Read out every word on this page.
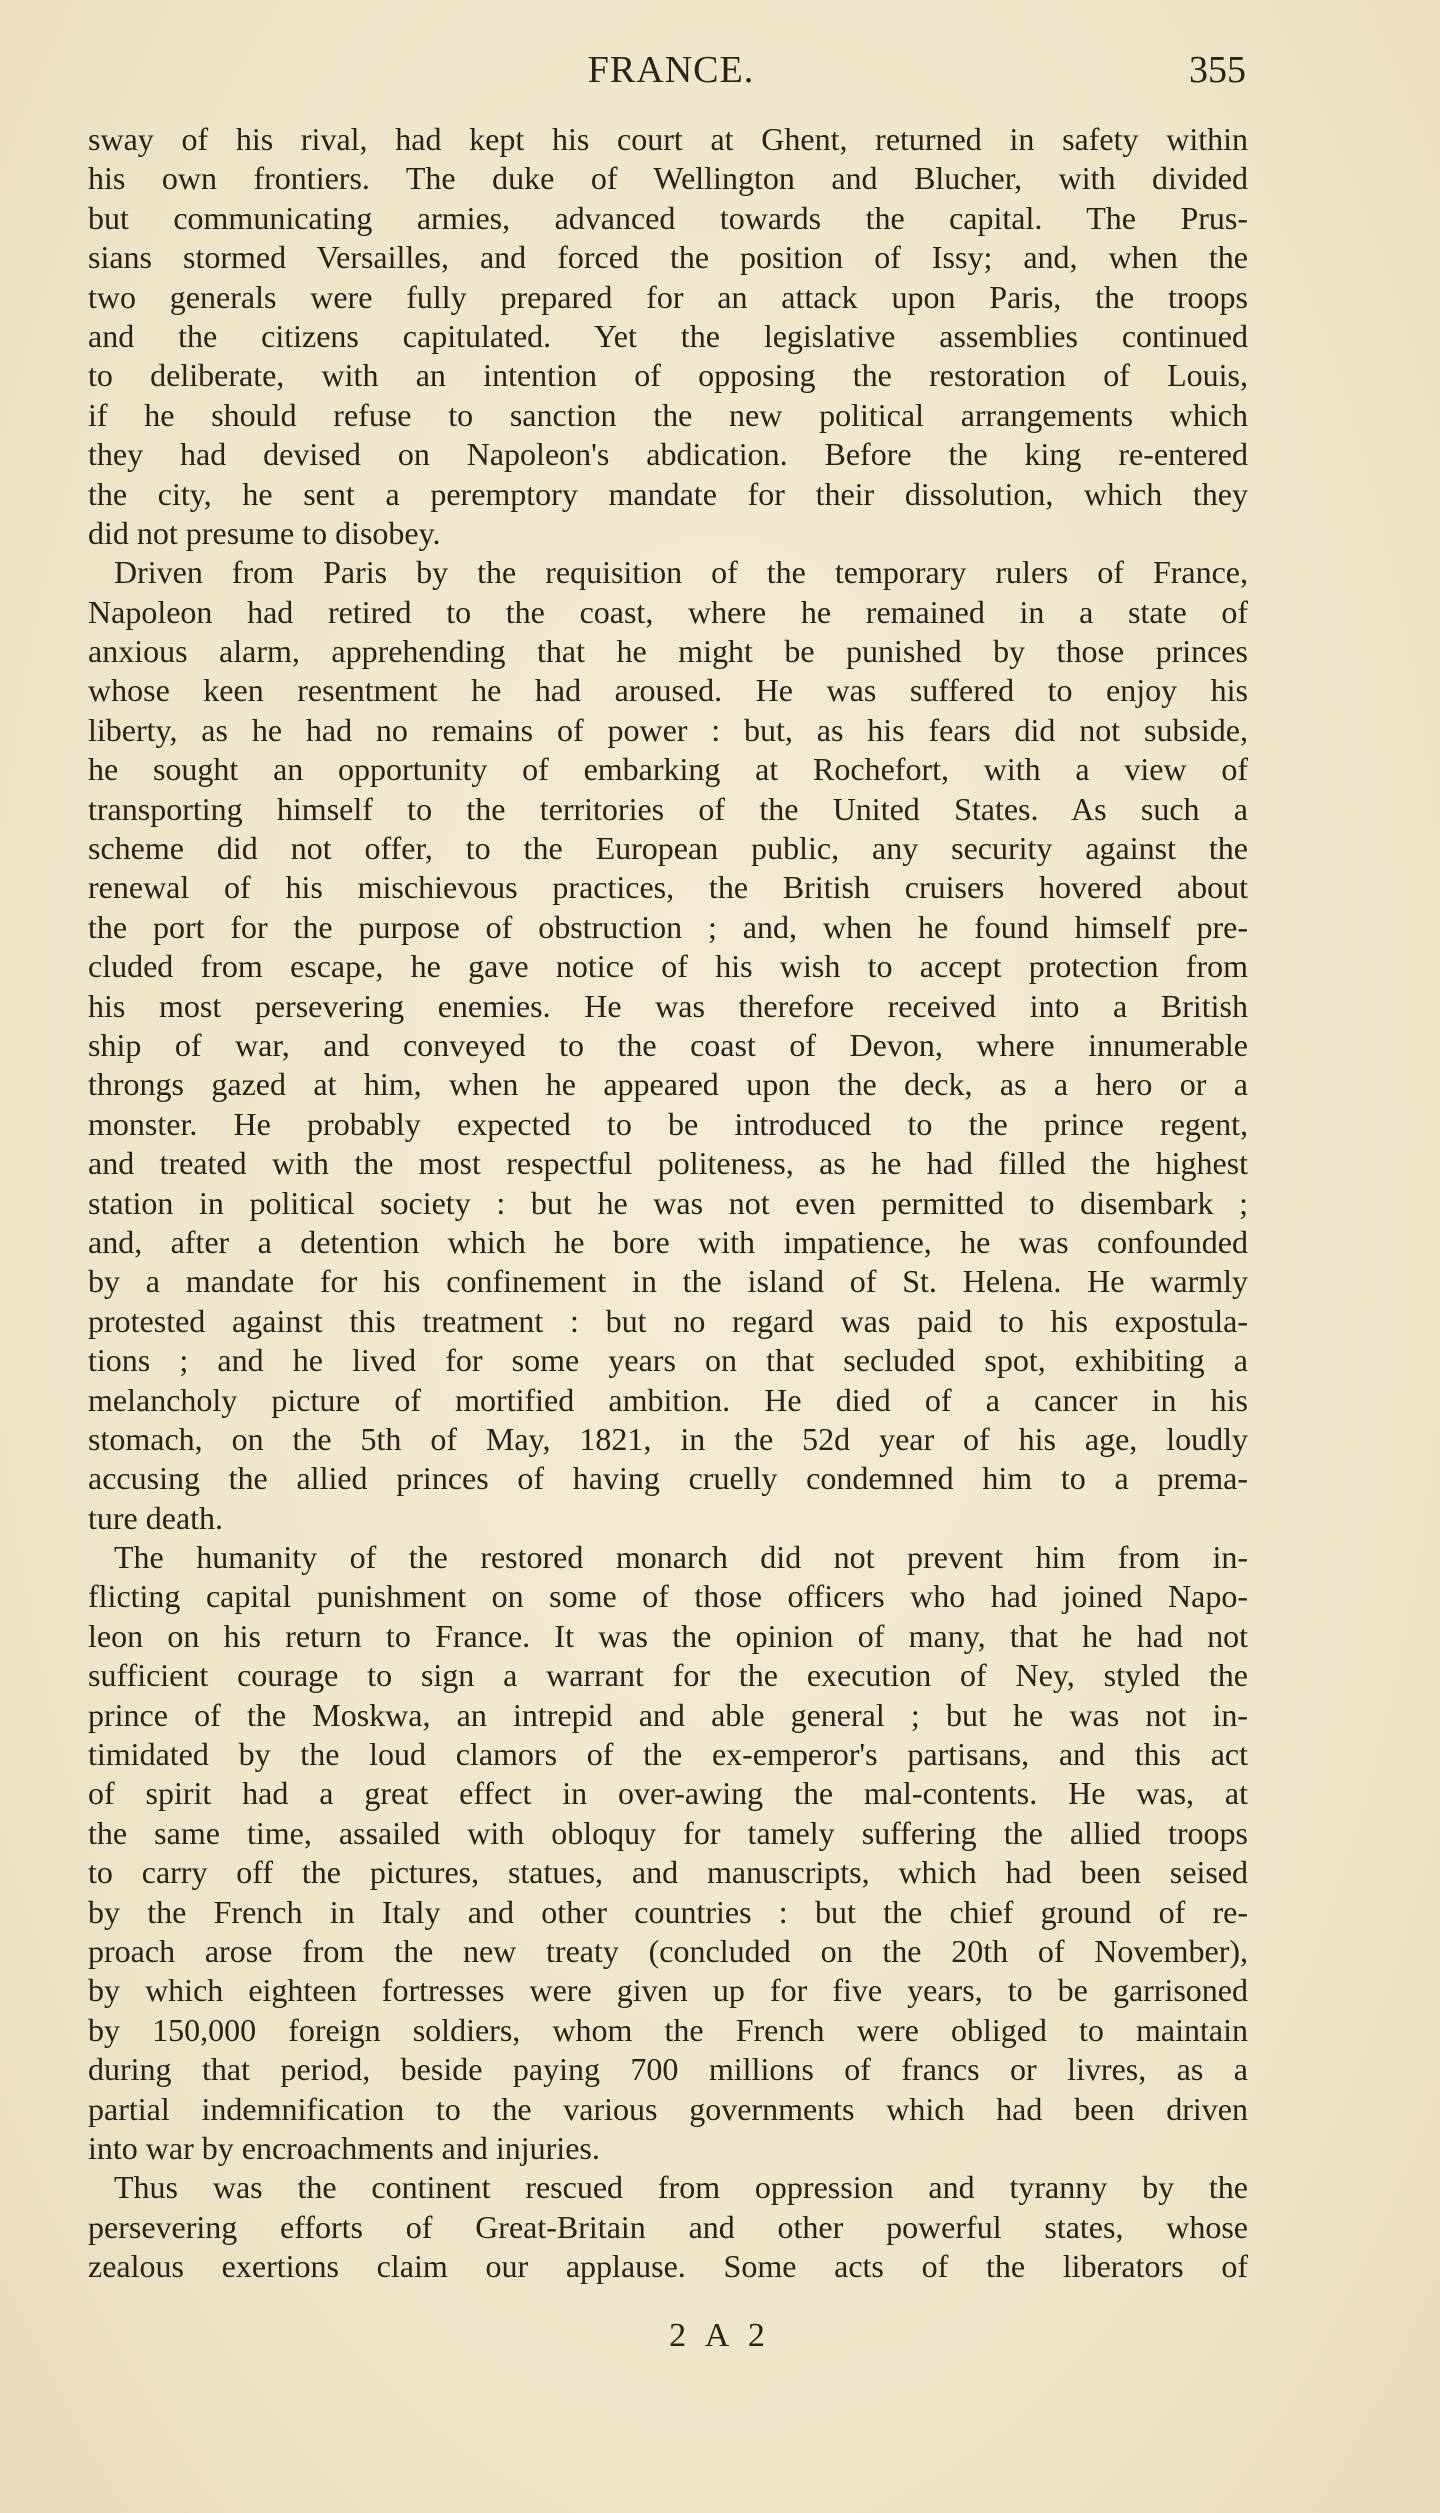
FRANCE.	355
sway of his rival, had kept his court at Ghent, returned in safety within
his own frontiers. The duke of Wellington and Blucher, with divided
but communicating armies, advanced towards the capital. The Prus-
sians stormed Versailles, and forced the position of Issy; and, when the
two generals were fully prepared for an attack upon Paris, the troops
and the citizens capitulated. Yet the legislative assemblies continued
to deliberate, with an intention of opposing the restoration of Louis,
if he should refuse to sanction the new political arrangements which
they had devised on Napoleon's abdication. Before the king re-entered
the city, he sent a peremptory mandate for their dissolution, which they
did not presume to disobey.
Driven from Paris by the requisition of the temporary rulers of France,
Napoleon had retired to the coast, where he remained in a state of
anxious alarm, apprehending that he might be punished by those princes
whose keen resentment he had aroused. He was suffered to enjoy his
liberty, as he had no remains of power : but, as his fears did not subside,
he sought an opportunity of embarking at Rochefort, with a view of
transporting himself to the territories of the United States. As such a
scheme did not offer, to the European public, any security against the
renewal of his mischievous practices, the British cruisers hovered about
the port for the purpose of obstruction ; and, when he found himself pre-
cluded from escape, he gave notice of his wish to accept protection from
his most persevering enemies. He was therefore received into a British
ship of war, and conveyed to the coast of Devon, where innumerable
throngs gazed at him, when he appeared upon the deck, as a hero or a
monster. He probably expected to be introduced to the prince regent,
and treated with the most respectful politeness, as he had filled the highest
station in political society : but he was not even permitted to disembark ;
and, after a detention which he bore with impatience, he was confounded
by a mandate for his confinement in the island of St. Helena. He warmly
protested against this treatment : but no regard was paid to his expostula-
tions ; and he lived for some years on that secluded spot, exhibiting a
melancholy picture of mortified ambition. He died of a cancer in his
stomach, on the 5th of May, 1821, in the 52d year of his age, loudly
accusing the allied princes of having cruelly condemned him to a prema-
ture death.
The humanity of the restored monarch did not prevent him from in-
flicting capital punishment on some of those officers who had joined Napo-
leon on his return to France. It was the opinion of many, that he had not
sufficient courage to sign a warrant for the execution of Ney, styled the
prince of the Moskwa, an intrepid and able general ; but he was not in-
timidated by the loud clamors of the ex-emperor's partisans, and this act
of spirit had a great effect in over-awing the mal-contents. He was, at
the same time, assailed with obloquy for tamely suffering the allied troops
to carry off the pictures, statues, and manuscripts, which had been seised
by the French in Italy and other countries : but the chief ground of re-
proach arose from the new treaty (concluded on the 20th of November),
by which eighteen fortresses were given up for five years, to be garrisoned
by 150,000 foreign soldiers, whom the French were obliged to maintain
during that period, beside paying 700 millions of francs or livres, as a
partial indemnification to the various governments which had been driven
into war by encroachments and injuries.
Thus was the continent rescued from oppression and tyranny by the
persevering efforts of Great-Britain and other powerful states, whose
zealous exertions claim our applause. Some acts of the liberators of
2 A 2
